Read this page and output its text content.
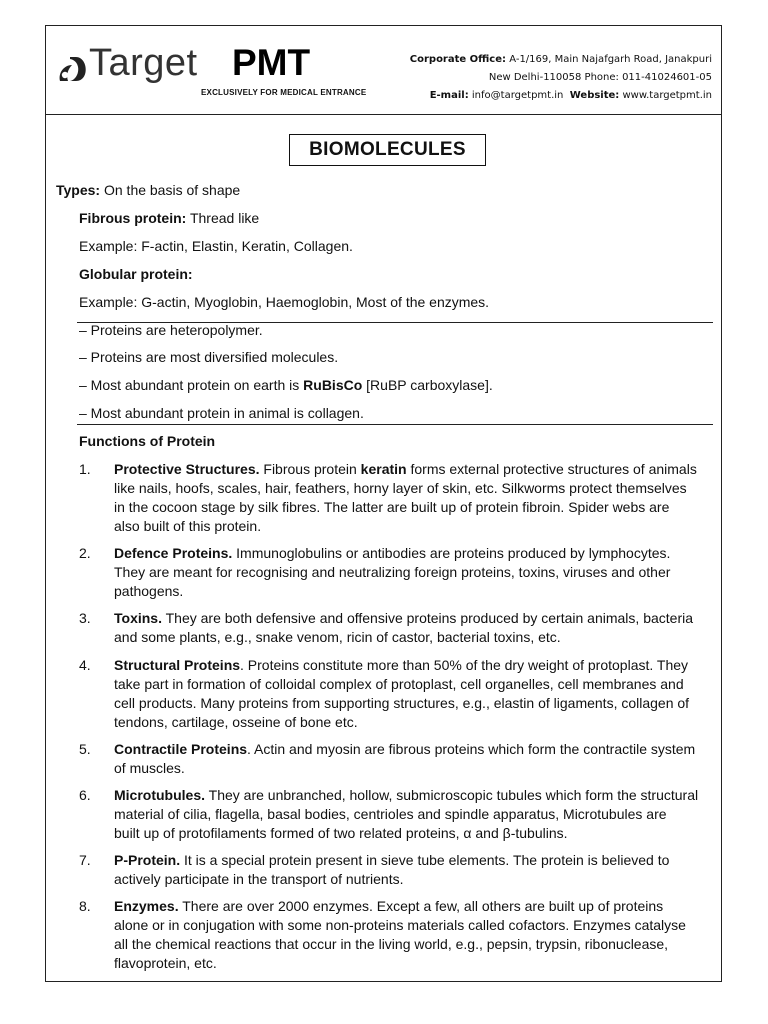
Target PMT
EXCLUSIVELY FOR MEDICAL ENTRANCE
Corporate Office: A-1/169, Main Najafgarh Road, Janakpuri
New Delhi-110058 Phone: 011-41024601-05
E-mail: info@targetpmt.in Website: www.targetpmt.in
BIOMOLECULES
Types: On the basis of shape
Fibrous protein: Thread like
Example: F-actin, Elastin, Keratin, Collagen.
Globular protein:
Example: G-actin, Myoglobin, Haemoglobin, Most of the enzymes.
– Proteins are heteropolymer.
– Proteins are most diversified molecules.
– Most abundant protein on earth is RuBisCo [RuBP carboxylase].
– Most abundant protein in animal is collagen.
Functions of Protein
1. Protective Structures. Fibrous protein keratin forms external protective structures of animals
like nails, hoofs, scales, hair, feathers, horny layer of skin, etc. Silkworms protect themselves
in the cocoon stage by silk fibres. The latter are built up of protein fibroin. Spider webs are
also built of this protein.
2. Defence Proteins. Immunoglobulins or antibodies are proteins produced by lymphocytes.
They are meant for recognising and neutralizing foreign proteins, toxins, viruses and other
pathogens.
3. Toxins. They are both defensive and offensive proteins produced by certain animals, bacteria
and some plants, e.g., snake venom, ricin of castor, bacterial toxins, etc.
4. Structural Proteins. Proteins constitute more than 50% of the dry weight of protoplast. They
take part in formation of colloidal complex of protoplast, cell organelles, cell membranes and
cell products. Many proteins from supporting structures, e.g., elastin of ligaments, collagen of
tendons, cartilage, osseine of bone etc.
5. Contractile Proteins. Actin and myosin are fibrous proteins which form the contractile system
of muscles.
6. Microtubules. They are unbranched, hollow, submicroscopic tubules which form the structural
material of cilia, flagella, basal bodies, centrioles and spindle apparatus, Microtubules are
built up of protofilaments formed of two related proteins, α and β-tubulins.
7. P-Protein. It is a special protein present in sieve tube elements. The protein is believed to
actively participate in the transport of nutrients.
8. Enzymes. There are over 2000 enzymes. Except a few, all others are built up of proteins
alone or in conjugation with some non-proteins materials called cofactors. Enzymes catalyse
all the chemical reactions that occur in the living world, e.g., pepsin, trypsin, ribonuclease,
flavoprotein, etc.
